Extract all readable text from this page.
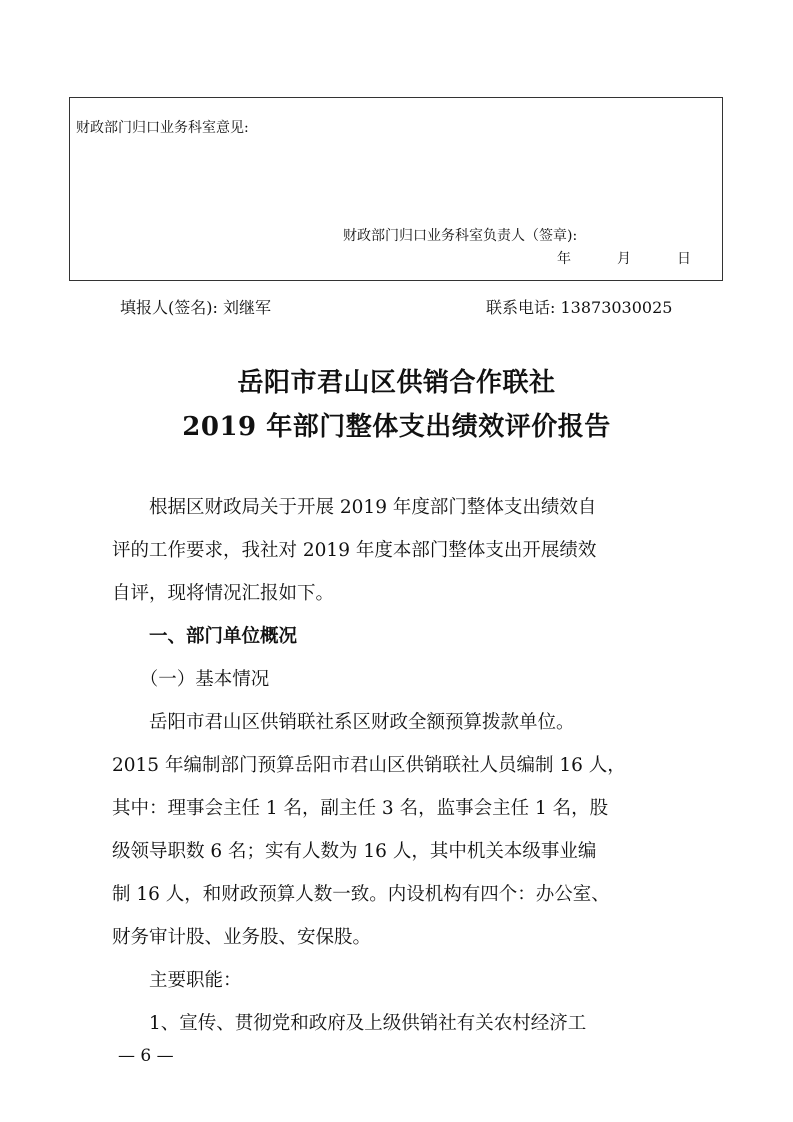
财政部门归口业务科室意见:
财政部门归口业务科室负责人（签章):
年	月	日
填报人(签名): 刘继军	联系电话: 13873030025
岳阳市君山区供销合作联社
2019 年部门整体支出绩效评价报告
　　根据区财政局关于开展 2019 年度部门整体支出绩效自
评的工作要求，我社对 2019 年度本部门整体支出开展绩效
自评，现将情况汇报如下。
　　一、部门单位概况
　　（一）基本情况
　　岳阳市君山区供销联社系区财政全额预算拨款单位。
2015 年编制部门预算岳阳市君山区供销联社人员编制 16 人，
其中：理事会主任 1 名，副主任 3 名，监事会主任 1 名，股
级领导职数 6 名；实有人数为 16 人，其中机关本级事业编
制 16 人，和财政预算人数一致。内设机构有四个：办公室、
财务审计股、业务股、安保股。
　　主要职能：
　　1、宣传、贯彻党和政府及上级供销社有关农村经济工
— 6 —
